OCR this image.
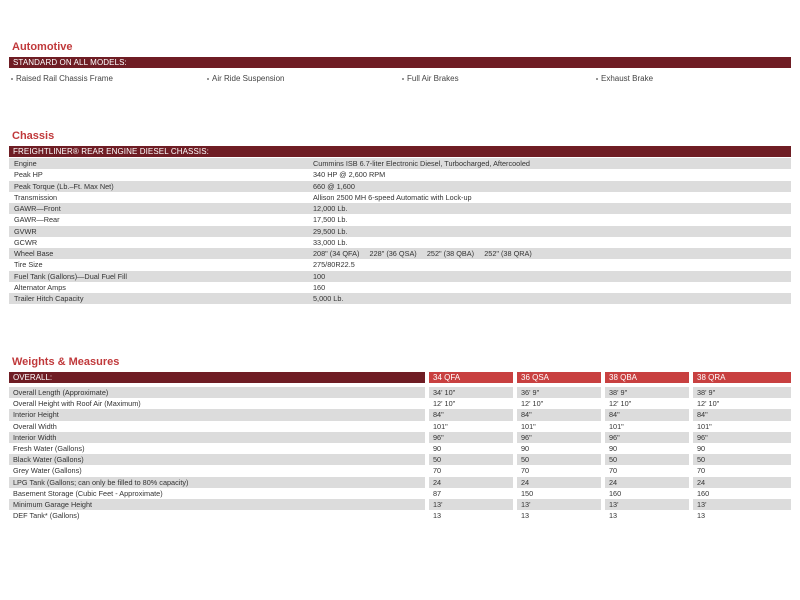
Automotive
STANDARD ON ALL MODELS:
Raised Rail Chassis Frame	Air Ride Suspension	Full Air Brakes	Exhaust Brake
Chassis
FREIGHTLINER® REAR ENGINE DIESEL CHASSIS:
Engine	Cummins ISB 6.7-liter Electronic Diesel, Turbocharged, Aftercooled
Peak HP	340 HP @ 2,600 RPM
Peak Torque (Lb.–Ft. Max Net)	660 @ 1,600
Transmission	Allison 2500 MH 6-speed Automatic with Lock-up
GAWR—Front	12,000 Lb.
GAWR—Rear	17,500 Lb.
GVWR	29,500 Lb.
GCWR	33,000 Lb.
Wheel Base	208" (34 QFA)     228" (36 QSA)     252" (38 QBA)     252" (38 QRA)
Tire Size	275/80R22.5
Fuel Tank (Gallons)—Dual Fuel Fill	100
Alternator Amps	160
Trailer Hitch Capacity	5,000 Lb.
Weights & Measures
OVERALL:	34 QFA	36 QSA	38 QBA	38 QRA
Overall Length (Approximate)	34' 10"	36' 9"	38' 9"	38' 9"
Overall Height with Roof Air (Maximum)	12' 10"	12' 10"	12' 10"	12' 10"
Interior Height	84"	84"	84"	84"
Overall Width	101"	101"	101"	101"
Interior Width	96"	96"	96"	96"
Fresh Water (Gallons)	90	90	90	90
Black Water (Gallons)	50	50	50	50
Grey Water (Gallons)	70	70	70	70
LPG Tank (Gallons; can only be filled to 80% capacity)	24	24	24	24
Basement Storage (Cubic Feet - Approximate)	87	150	160	160
Minimum Garage Height	13'	13'	13'	13'
DEF Tank* (Gallons)	13	13	13	13
